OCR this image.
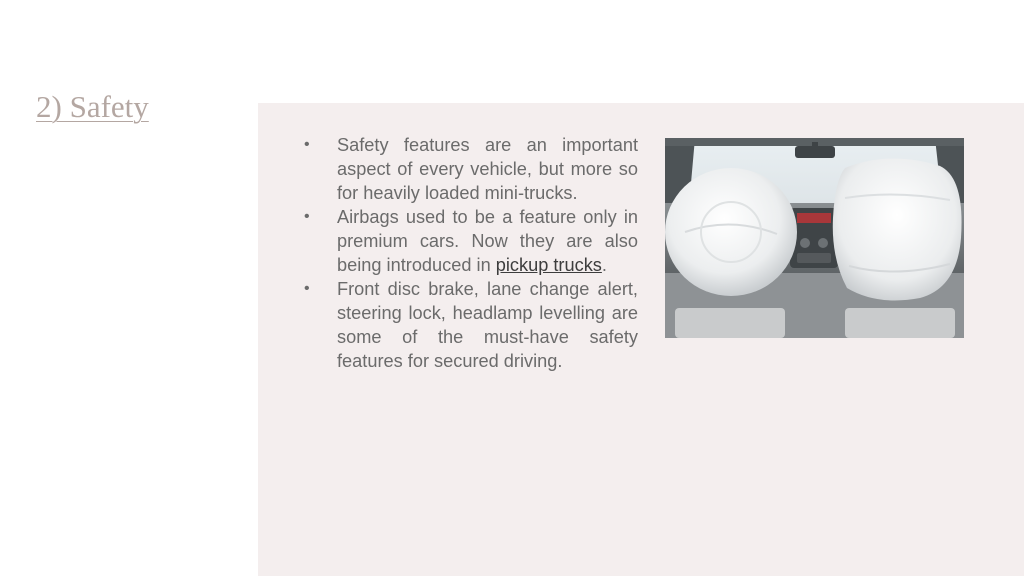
2) Safety
• Safety features are an important aspect of every vehicle, but more so for heavily loaded mini-trucks.
• Airbags used to be a feature only in premium cars. Now they are also being introduced in pickup trucks.
• Front disc brake, lane change alert, steering lock, headlamp levelling are some of the must-have safety features for secured driving.
